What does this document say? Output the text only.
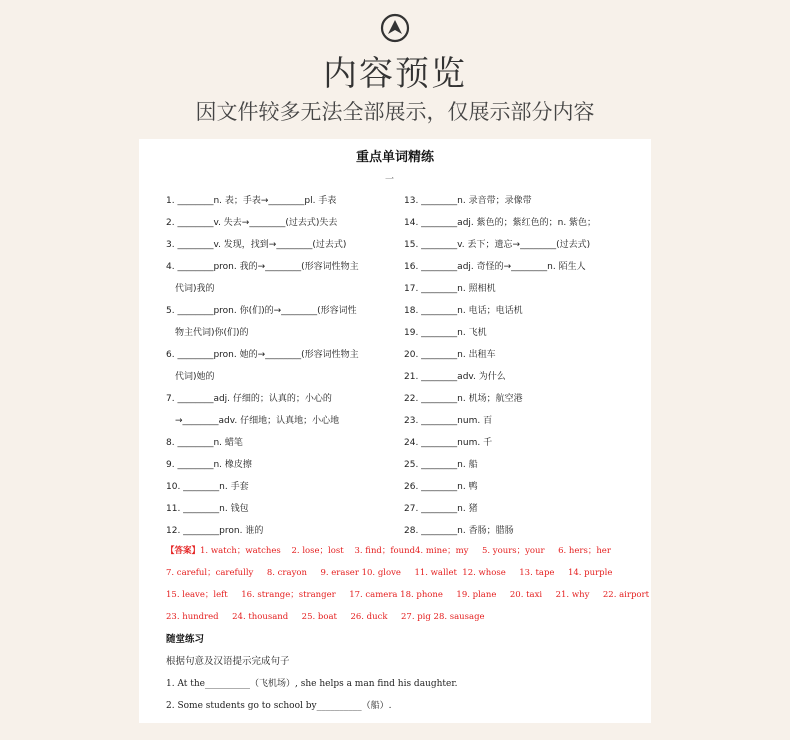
内容预览
因文件较多无法全部展示，仅展示部分内容
重点单词精练
一
1. ________n. 表；手表→________pl. 手表
2. ________v. 失去→________(过去式)失去
3. ________v. 发现，找到→________(过去式)
4. ________pron. 我的→________(形容词性物主
代词)我的
5. ________pron. 你(们)的→________(形容词性
物主代词)你(们)的
6. ________pron. 她的→________(形容词性物主
代词)她的
7. ________adj. 仔细的；认真的；小心的
→________adv. 仔细地；认真地；小心地
8. ________n. 蜡笔
9. ________n. 橡皮擦
10. ________n. 手套
11. ________n. 钱包
12. ________pron. 谁的
13. ________n. 录音带；录像带
14. ________adj. 紫色的；紫红色的；n. 紫色；
15. ________v. 丢下；遗忘→________(过去式)
16. ________adj. 奇怪的→________n. 陌生人
17. ________n. 照相机
18. ________n. 电话；电话机
19. ________n. 飞机
20. ________n. 出租车
21. ________adv. 为什么
22. ________n. 机场；航空港
23. ________num. 百
24. ________num. 千
25. ________n. 船
26. ________n. 鸭
27. ________n. 猪
28. ________n. 香肠；腊肠
【答案】1. watch；watches    2. lose；lost    3. find；found4. mine；my     5. yours；your     6. hers；her
7. careful；carefully     8. crayon     9. eraser 10. glove     11. wallet  12. whose     13. tape     14. purple
15. leave；left     16. strange；stranger     17. camera 18. phone     19. plane     20. taxi     21. why     22. airport
23. hundred     24. thousand     25. boat     26. duck     27. pig 28. sausage
随堂练习
根据句意及汉语提示完成句子
1. At the__________（飞机场）, she helps a man find his daughter.
2. Some students go to school by__________（船）.
